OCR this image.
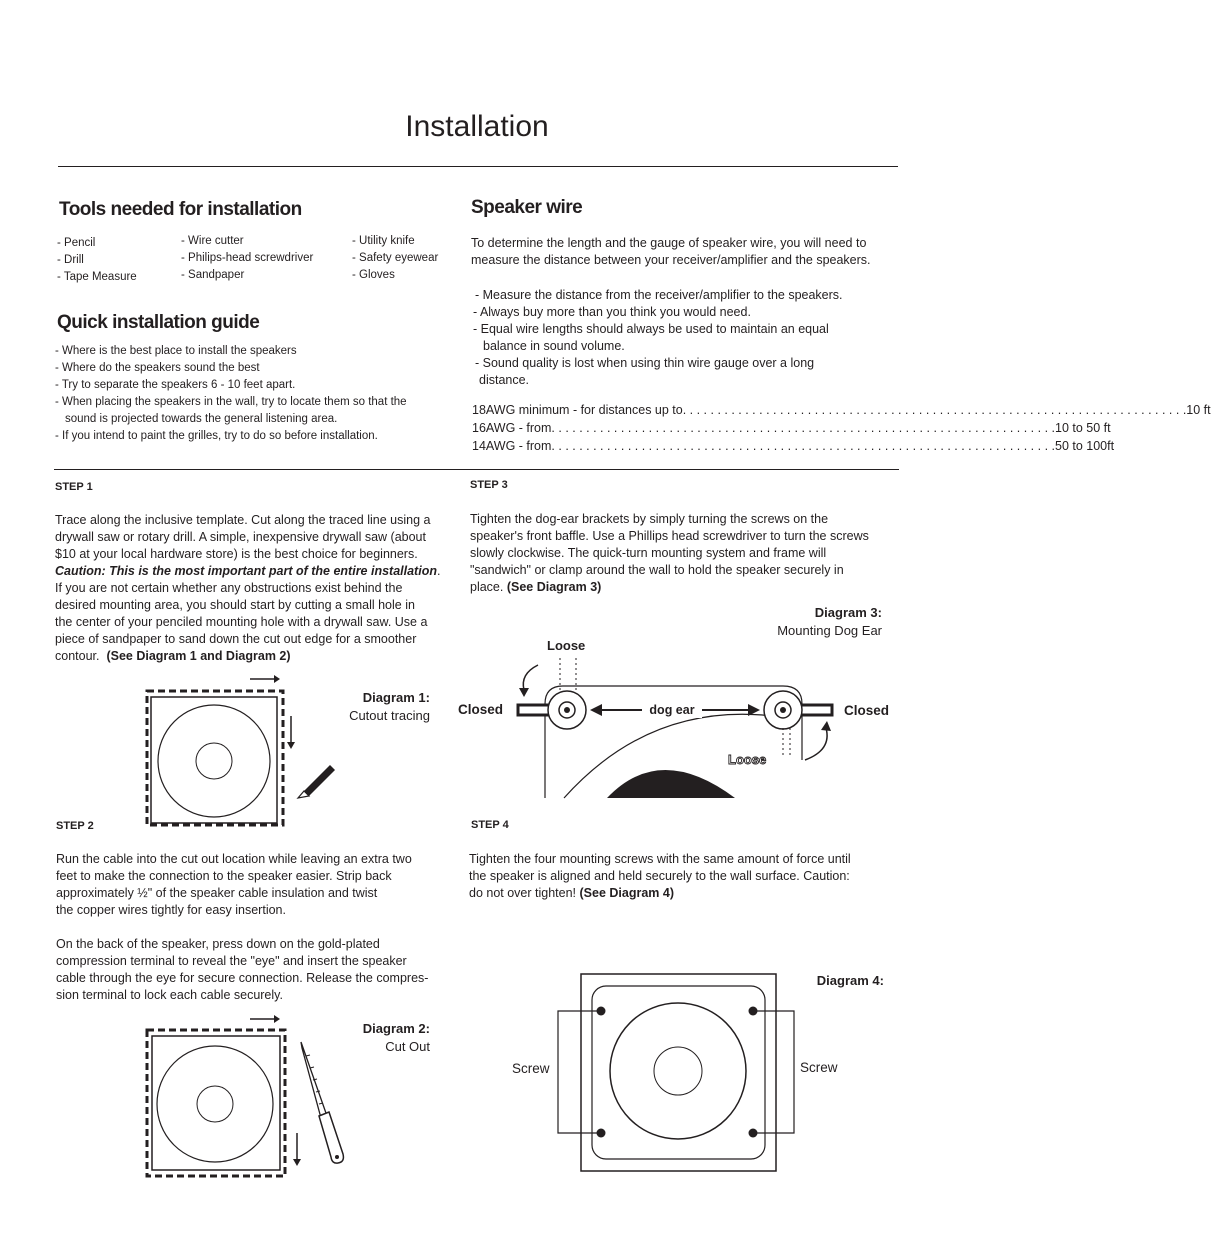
Installation
Tools needed for installation
- Pencil
- Drill
- Tape Measure
- Wire cutter
- Philips-head screwdriver
- Sandpaper
- Utility knife
- Safety eyewear
- Gloves
Quick installation guide
- Where is the best place to install the speakers
- Where do the speakers sound the best
- Try to separate the speakers 6 - 10 feet apart.
- When placing the speakers in the wall, try to locate them so that the
sound is projected towards the general listening area.
- If you intend to paint the grilles, try to do so before installation.
Speaker wire
To determine the length and the gauge of speaker wire, you will need to
measure the distance between your receiver/amplifier and the speakers.
- Measure the distance from the receiver/amplifier to the speakers.
- Always buy more than you think you would need.
- Equal wire lengths should always be used to maintain an equal
balance in sound volume.
- Sound quality is lost when using thin wire gauge over a long
distance.
18AWG minimum - for distances up to . . .	10 ft
16AWG - from . . .	10 to 50 ft
14AWG - from . . .	50 to 100ft
STEP 1
Trace along the inclusive template. Cut along the traced line using a
drywall saw or rotary drill. A simple, inexpensive drywall saw (about
$10 at your local hardware store) is the best choice for beginners.
Caution: This is the most important part of the entire installation.
If you are not certain whether any obstructions exist behind the
desired mounting area, you should start by cutting a small hole in
the center of your penciled mounting hole with a drywall saw. Use a
piece of sandpaper to sand down the cut out edge for a smoother
contour. (See Diagram 1 and Diagram 2)
Diagram 1:
Cutout tracing
STEP 2
Run the cable into the cut out location while leaving an extra two
feet to make the connection to the speaker easier. Strip back
approximately ½" of the speaker cable insulation and twist
the copper wires tightly for easy insertion.
On the back of the speaker, press down on the gold-plated
compression terminal to reveal the "eye" and insert the speaker
cable through the eye for secure connection. Release the compres-
sion terminal to lock each cable securely.
Diagram 2:
Cut Out
STEP 3
Tighten the dog-ear brackets by simply turning the screws on the
speaker's front baffle. Use a Phillips head screwdriver to turn the screws
slowly clockwise. The quick-turn mounting system and frame will
"sandwich" or clamp around the wall to hold the speaker securely in
place. (See Diagram 3)
Diagram 3:
Mounting Dog Ear
dog ear
Loose
Closed	Closed
Loose
STEP 4
Tighten the four mounting screws with the same amount of force until
the speaker is aligned and held securely to the wall surface. Caution:
do not over tighten! (See Diagram 4)
Diagram 4:
Screw	Screw
